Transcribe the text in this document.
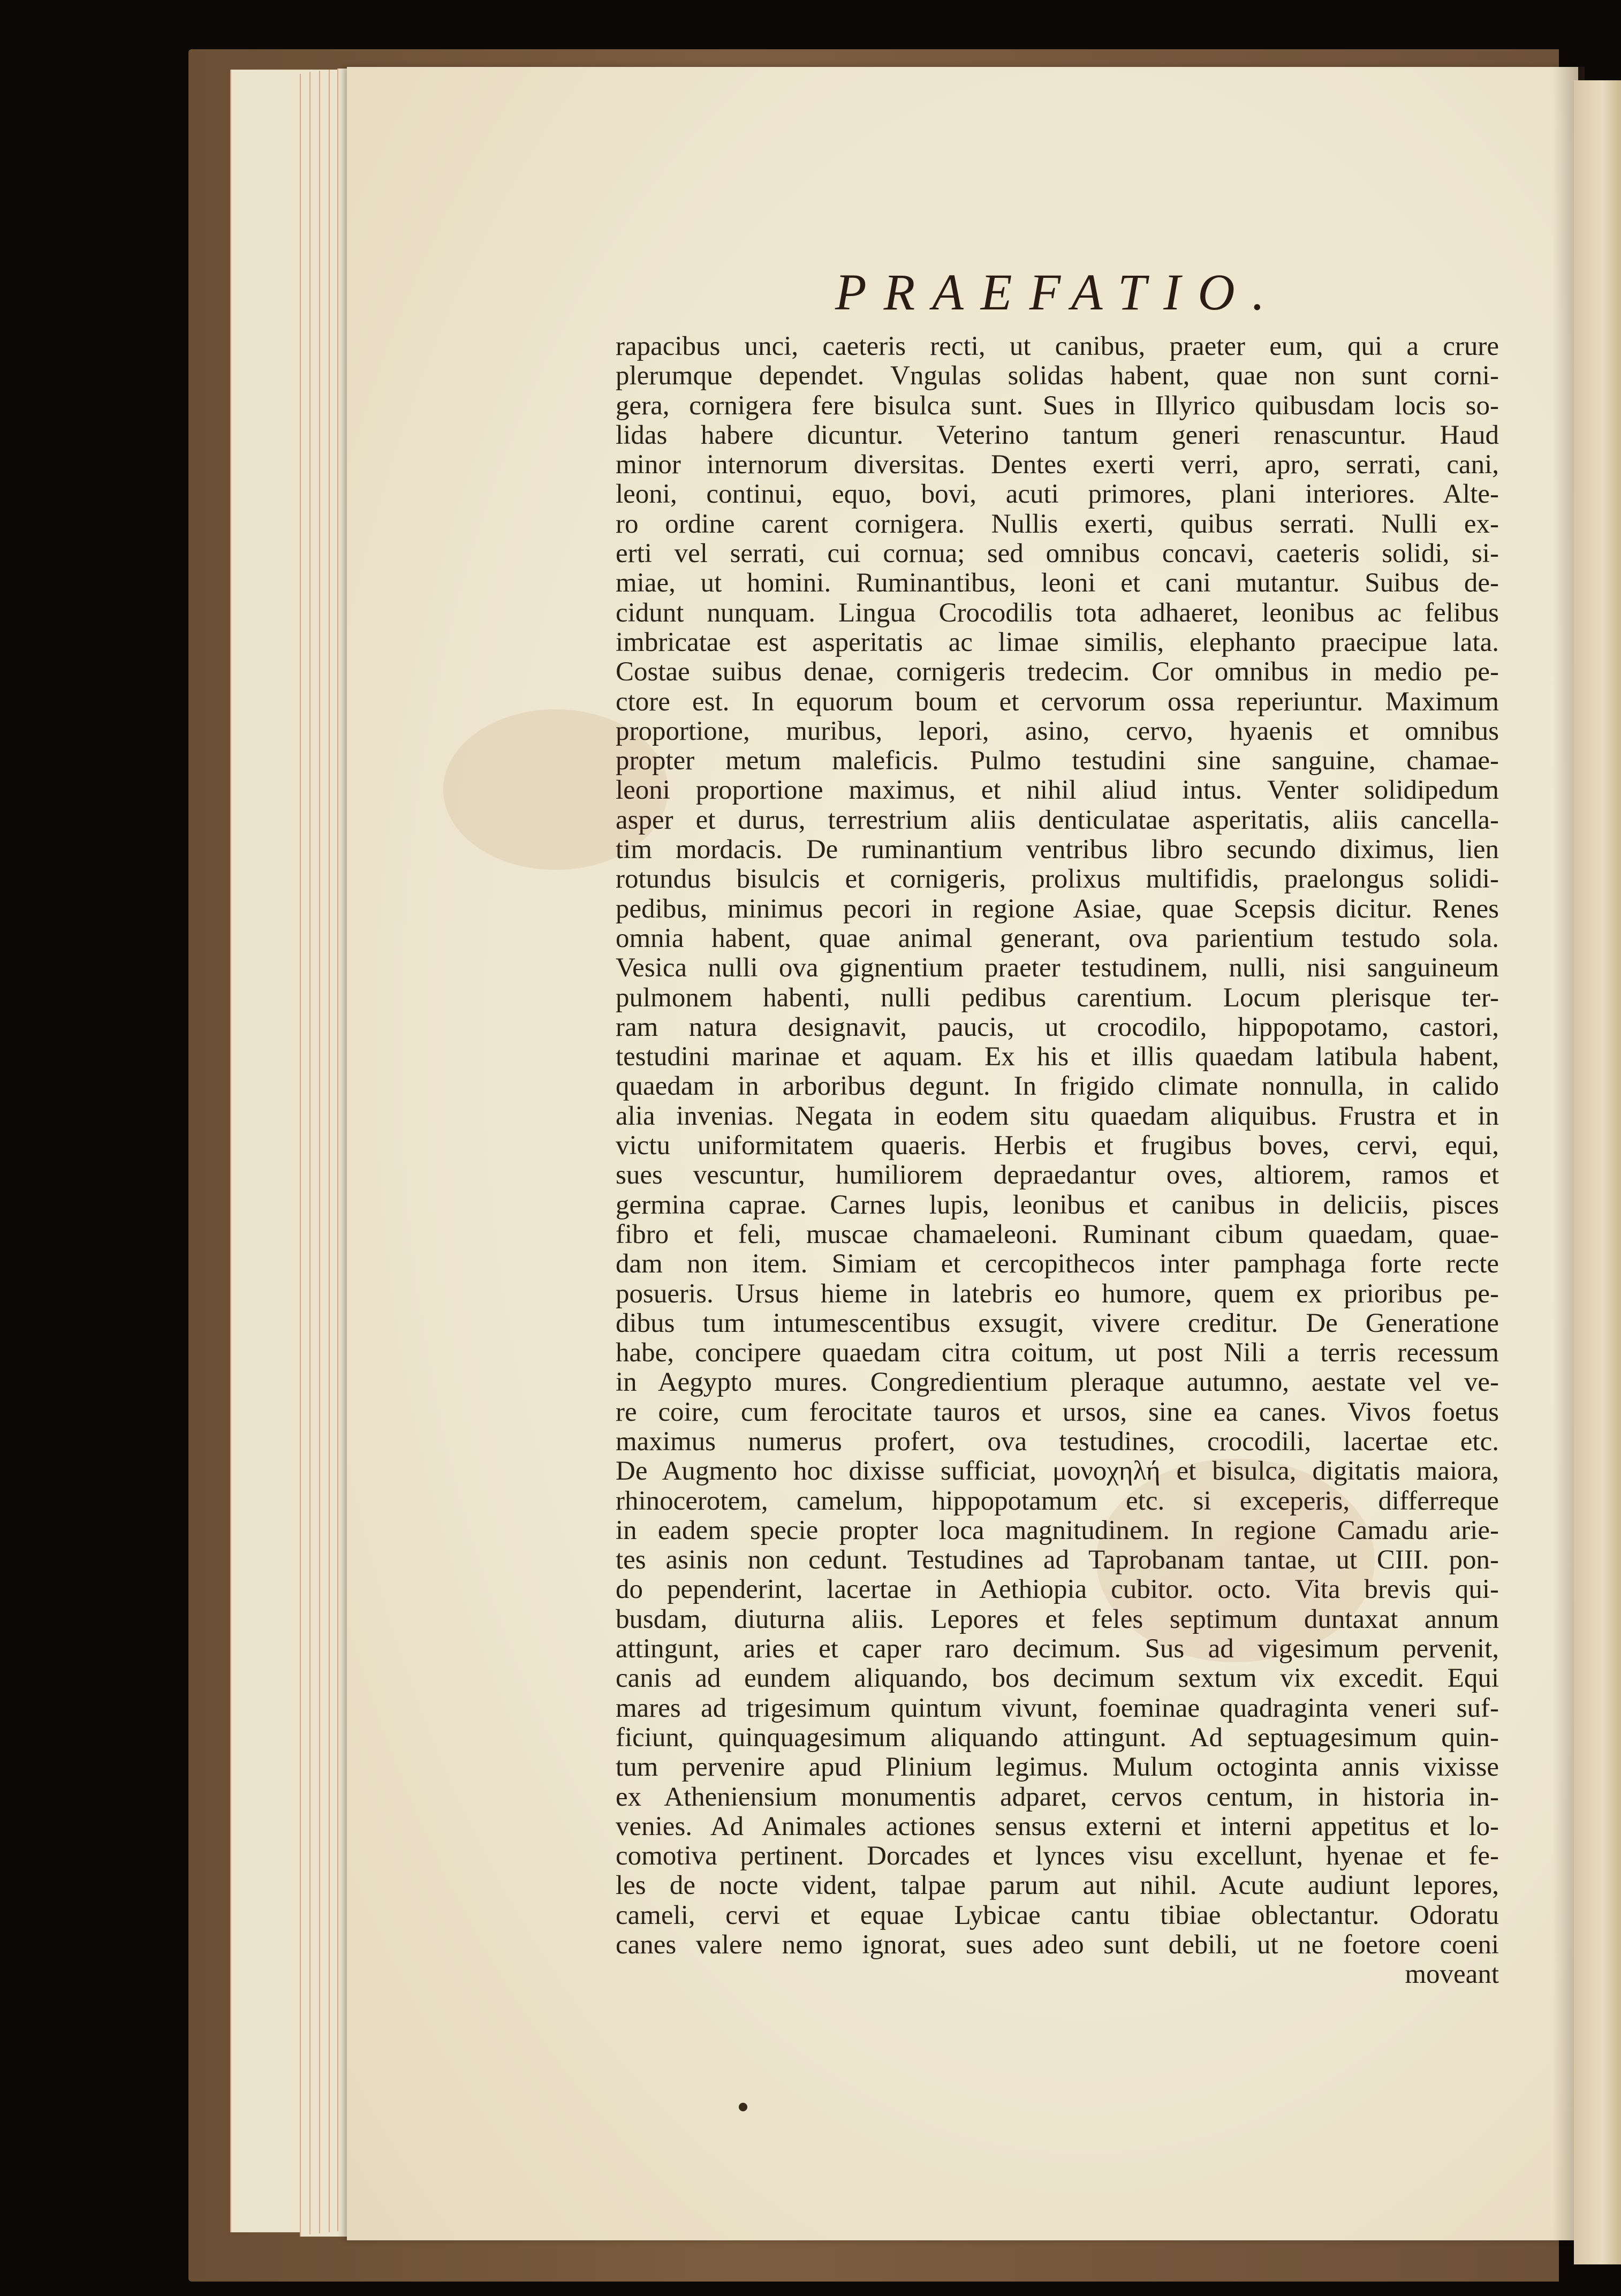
PRAEFATIO.
rapacibus unci, caeteris recti, ut canibus, praeter eum, qui a crure
plerumque dependet. Vngulas solidas habent, quae non sunt corni-
gera, cornigera fere bisulca sunt. Sues in Illyrico quibusdam locis so-
lidas habere dicuntur. Veterino tantum generi renascuntur. Haud
minor internorum diversitas. Dentes exerti verri, apro, serrati, cani,
leoni, continui, equo, bovi, acuti primores, plani interiores. Alte-
ro ordine carent cornigera. Nullis exerti, quibus serrati. Nulli ex-
erti vel serrati, cui cornua; sed omnibus concavi, caeteris solidi, si-
miae, ut homini. Ruminantibus, leoni et cani mutantur. Suibus de-
cidunt nunquam. Lingua Crocodilis tota adhaeret, leonibus ac felibus
imbricatae est asperitatis ac limae similis, elephanto praecipue lata.
Costae suibus denae, cornigeris tredecim. Cor omnibus in medio pe-
ctore est. In equorum boum et cervorum ossa reperiuntur. Maximum
proportione, muribus, lepori, asino, cervo, hyaenis et omnibus
propter metum maleficis. Pulmo testudini sine sanguine, chamae-
leoni proportione maximus, et nihil aliud intus. Venter solidipedum
asper et durus, terrestrium aliis denticulatae asperitatis, aliis cancella-
tim mordacis. De ruminantium ventribus libro secundo diximus, lien
rotundus bisulcis et cornigeris, prolixus multifidis, praelongus solidi-
pedibus, minimus pecori in regione Asiae, quae Scepsis dicitur. Renes
omnia habent, quae animal generant, ova parientium testudo sola.
Vesica nulli ova gignentium praeter testudinem, nulli, nisi sanguineum
pulmonem habenti, nulli pedibus carentium. Locum plerisque ter-
ram natura designavit, paucis, ut crocodilo, hippopotamo, castori,
testudini marinae et aquam. Ex his et illis quaedam latibula habent,
quaedam in arboribus degunt. In frigido climate nonnulla, in calido
alia invenias. Negata in eodem situ quaedam aliquibus. Frustra et in
victu uniformitatem quaeris. Herbis et frugibus boves, cervi, equi,
sues vescuntur, humiliorem depraedantur oves, altiorem, ramos et
germina caprae. Carnes lupis, leonibus et canibus in deliciis, pisces
fibro et feli, muscae chamaeleoni. Ruminant cibum quaedam, quae-
dam non item. Simiam et cercopithecos inter pamphaga forte recte
posueris. Ursus hieme in latebris eo humore, quem ex prioribus pe-
dibus tum intumescentibus exsugit, vivere creditur. De Generatione
habe, concipere quaedam citra coitum, ut post Nili a terris recessum
in Aegypto mures. Congredientium pleraque autumno, aestate vel ve-
re coire, cum ferocitate tauros et ursos, sine ea canes. Vivos foetus
maximus numerus profert, ova testudines, crocodili, lacertae etc.
De Augmento hoc dixisse sufficiat, μονοχηλή et bisulca, digitatis maiora,
rhinocerotem, camelum, hippopotamum etc. si exceperis, differreque
in eadem specie propter loca magnitudinem. In regione Camadu arie-
tes asinis non cedunt. Testudines ad Taprobanam tantae, ut CIII. pon-
do pependerint, lacertae in Aethiopia cubitor. octo. Vita brevis qui-
busdam, diuturna aliis. Lepores et feles septimum duntaxat annum
attingunt, aries et caper raro decimum. Sus ad vigesimum pervenit,
canis ad eundem aliquando, bos decimum sextum vix excedit. Equi
mares ad trigesimum quintum vivunt, foeminae quadraginta veneri suf-
ficiunt, quinquagesimum aliquando attingunt. Ad septuagesimum quin-
tum pervenire apud Plinium legimus. Mulum octoginta annis vixisse
ex Atheniensium monumentis adparet, cervos centum, in historia in-
venies. Ad Animales actiones sensus externi et interni appetitus et lo-
comotiva pertinent. Dorcades et lynces visu excellunt, hyenae et fe-
les de nocte vident, talpae parum aut nihil. Acute audiunt lepores,
cameli, cervi et equae Lybicae cantu tibiae oblectantur. Odoratu
canes valere nemo ignorat, sues adeo sunt debili, ut ne foetore coeni
moveant
